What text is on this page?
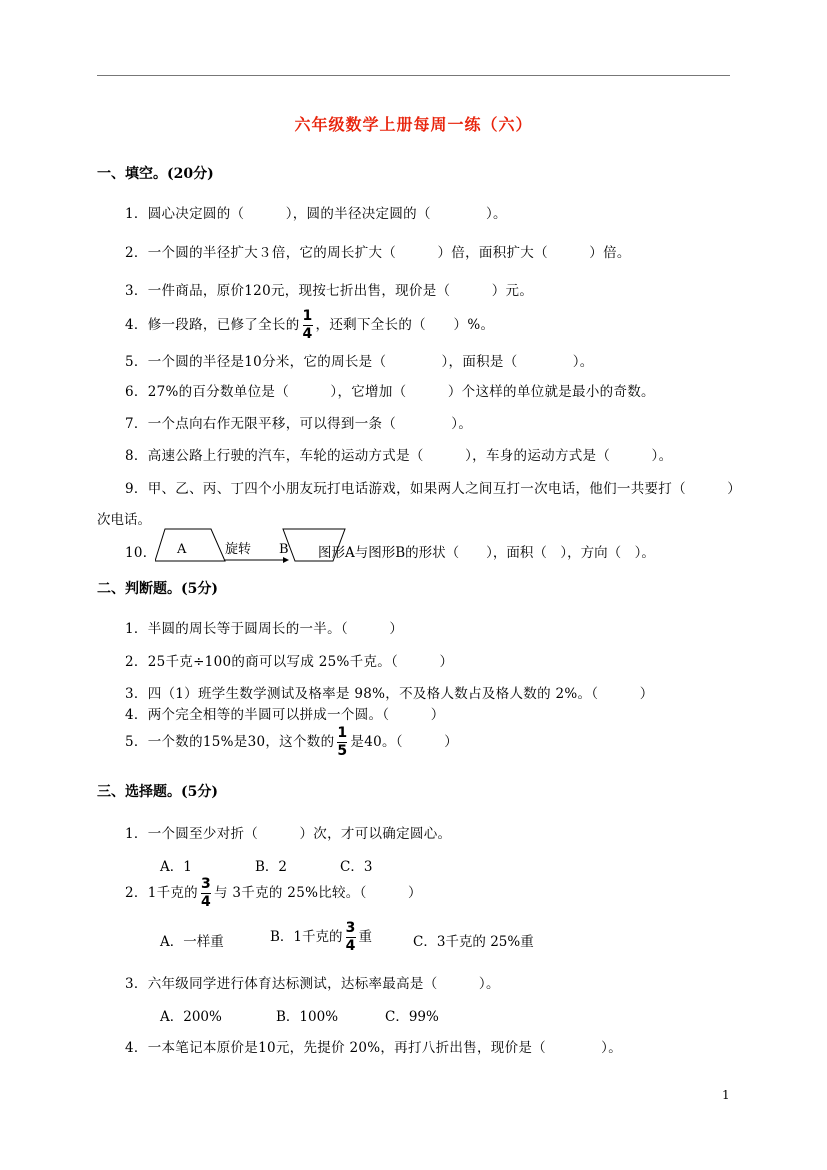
六年级数学上册每周一练（六）
一、填空。(20分)
1．圆心决定圆的（　　　），圆的半径决定圆的（　　　　）。
2．一个圆的半径扩大３倍，它的周长扩大（　　　）倍，面积扩大（　　　）倍。
3．一件商品，原价120元，现按七折出售，现价是（　　　）元。
4．修一段路，已修了全长的 $\frac{1}{4}$ ，还剩下全长的（　　）%。
5．一个圆的半径是10分米，它的周长是（　　　　），面积是（　　　　）。
6．27%的百分数单位是（　　　），它增加（　　　）个这样的单位就是最小的奇数。
7．一个点向右作无限平移，可以得到一条（　　　　）。
8．高速公路上行驶的汽车，车轮的运动方式是（　　　），车身的运动方式是（　　　）。
9．甲、乙、丙、丁四个小朋友玩打电话游戏，如果两人之间互打一次电话，他们一共要打（　　　）
次电话。
10． A	旋转 B 图形A与图形B的形状（　　），面积（　），方向（　）。
二、判断题。(5分)
1．半圆的周长等于圆周长的一半。（　　　）
2．25千克÷100的商可以写成 25%千克。（　　　）
3．四（1）班学生数学测试及格率是 98%，不及格人数占及格人数的 2%。（　　　）
4．两个完全相等的半圆可以拼成一个圆。（　　　）
5．一个数的15%是30，这个数的 $\frac{1}{5}$ 是40。（　　　）
三、选择题。(5分)
1．一个圆至少对折（　　　）次，才可以确定圆心。
A．1	B．2	C．3
2．1千克的 $\frac{3}{4}$ 与 3千克的 25%比较。（　　　）
A．一样重	B．1千克的 $\frac{3}{4}$ 重	C．3千克的 25%重
3．六年级同学进行体育达标测试，达标率最高是（　　　）。
A．200%	B．100%	C．99%
4．一本笔记本原价是10元，先提价 20%，再打八折出售，现价是（　　　　）。
1
